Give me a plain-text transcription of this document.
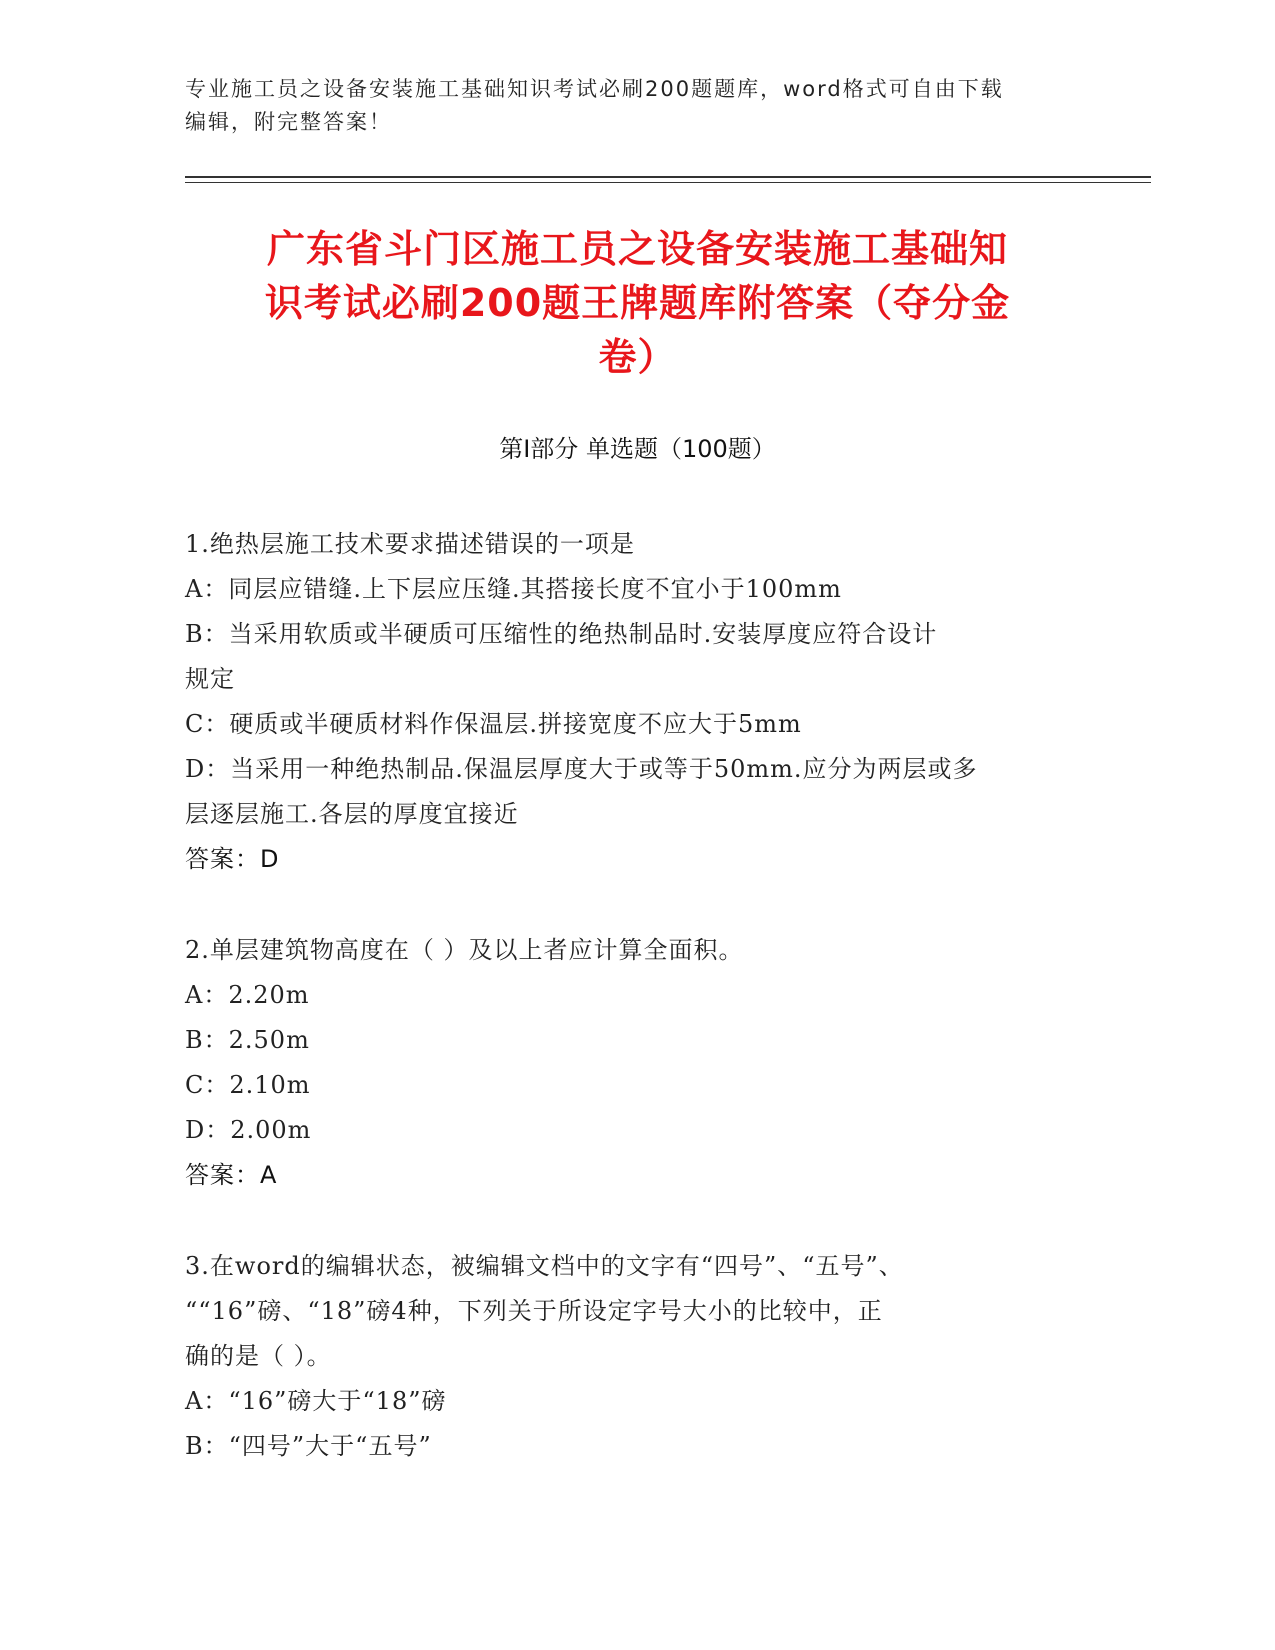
专业施工员之设备安装施工基础知识考试必刷200题题库，word格式可自由下载
编辑，附完整答案！
广东省斗门区施工员之设备安装施工基础知
识考试必刷200题王牌题库附答案（夺分金
卷）
第Ⅰ部分 单选题（100题）
1.绝热层施工技术要求描述错误的一项是
A：同层应错缝.上下层应压缝.其搭接长度不宜小于100mm
B：当采用软质或半硬质可压缩性的绝热制品时.安装厚度应符合设计
规定
C：硬质或半硬质材料作保温层.拼接宽度不应大于5mm
D：当采用一种绝热制品.保温层厚度大于或等于50mm.应分为两层或多
层逐层施工.各层的厚度宜接近
答案：D
2.单层建筑物高度在（ ）及以上者应计算全面积。
A：2.20m
B：2.50m
C：2.10m
D：2.00m
答案：A
3.在word的编辑状态，被编辑文档中的文字有“四号”、“五号”、
““16”磅、“18”磅4种，下列关于所设定字号大小的比较中，正
确的是（ ）。
A：“16”磅大于“18”磅
B：“四号”大于“五号”
